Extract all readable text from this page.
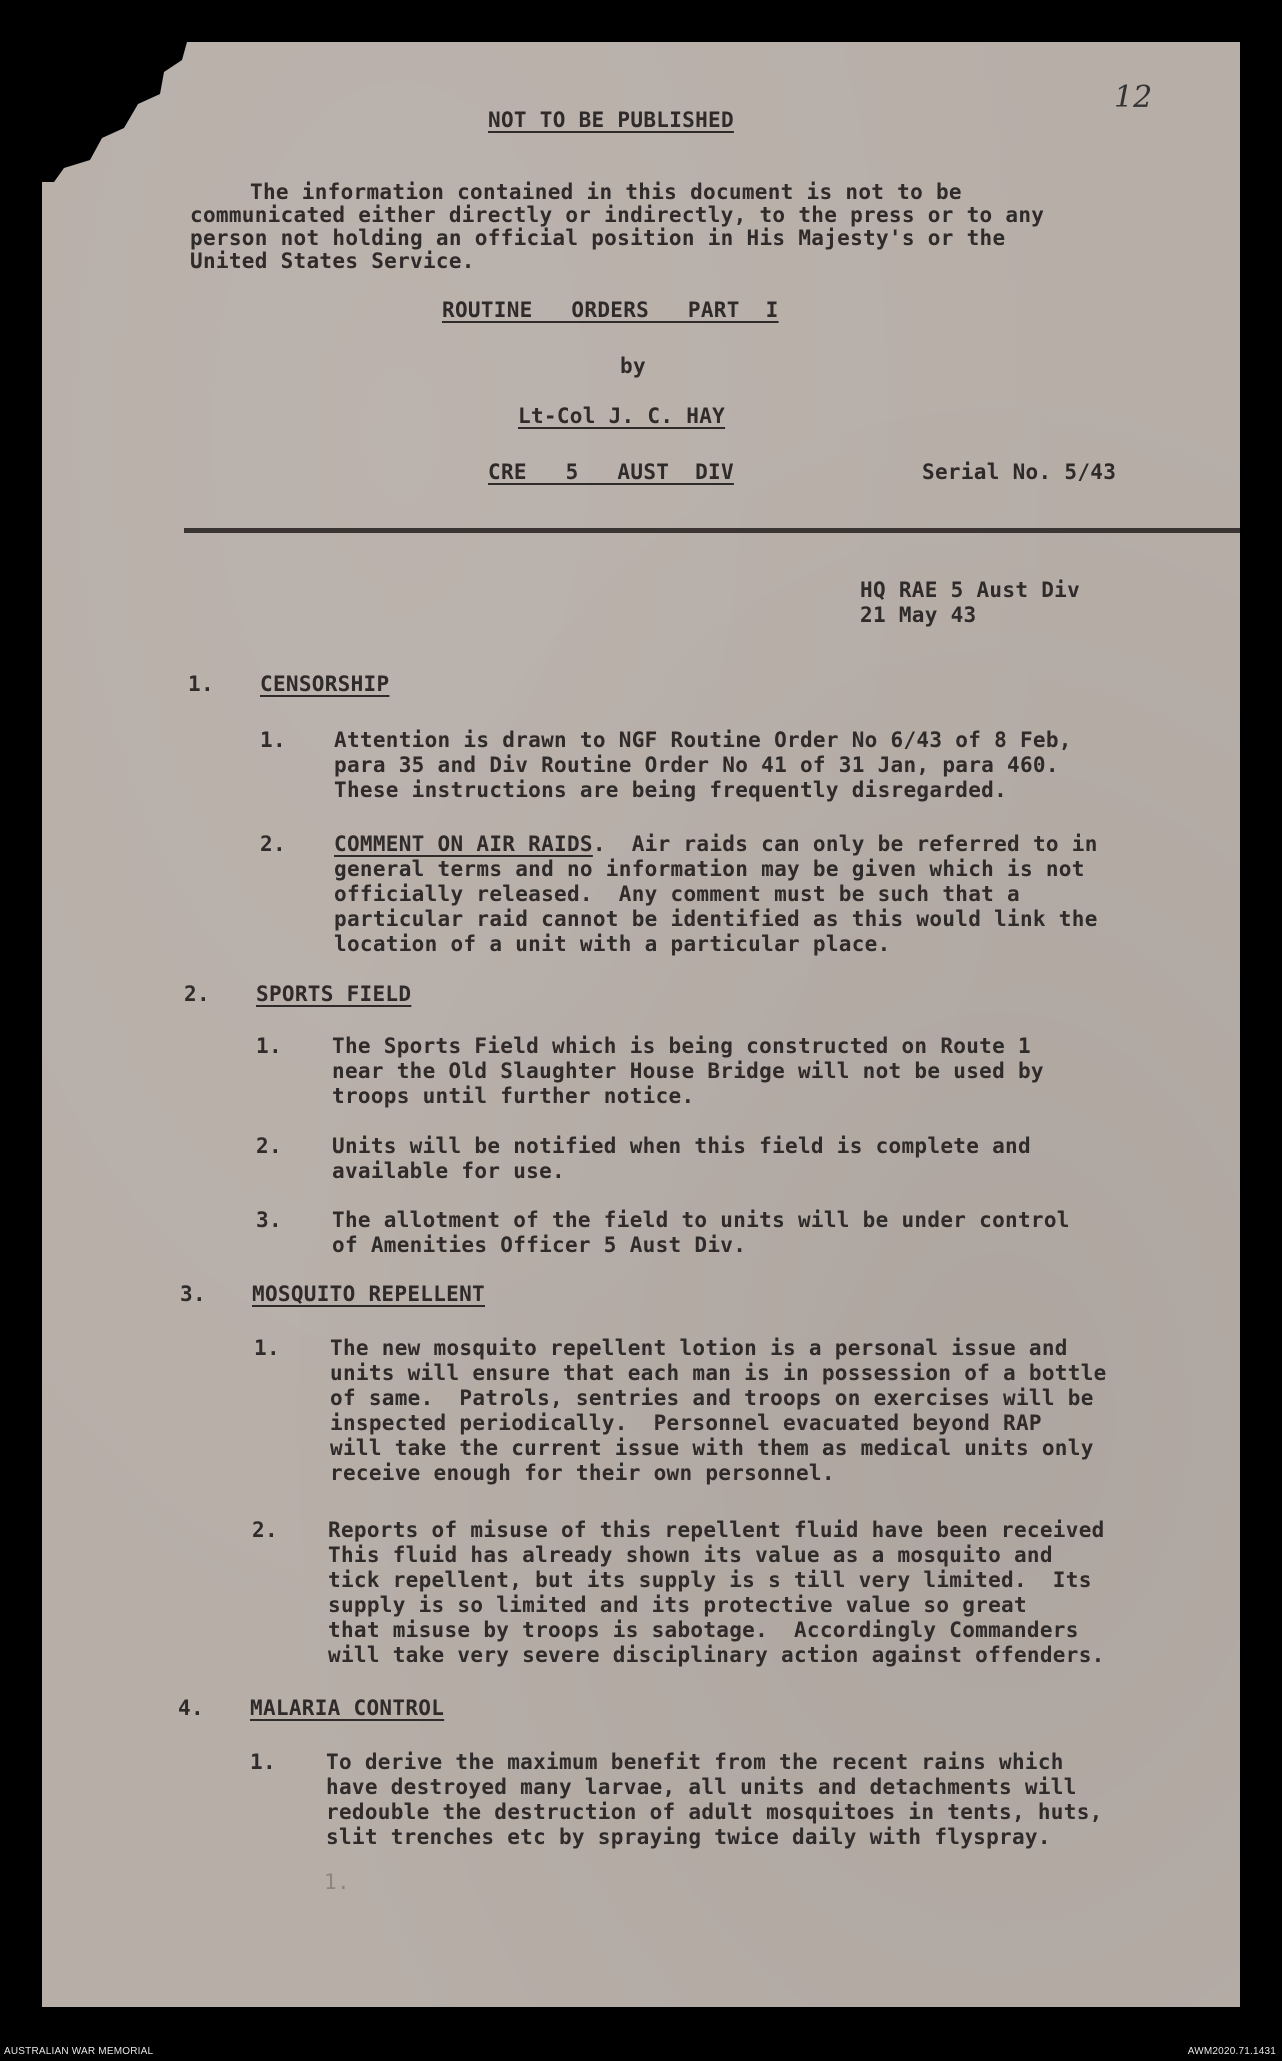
12
NOT TO BE PUBLISHED
The information contained in this document is not to be
communicated either directly or indirectly, to the press or to any
person not holding an official position in His Majesty's or the
United States Service.
ROUTINE   ORDERS   PART  I
by
Lt-Col J. C. HAY
CRE   5   AUST  DIV	Serial No. 5/43
HQ RAE 5 Aust Div
21 May 43
1. CENSORSHIP
1. Attention is drawn to NGF Routine Order No 6/43 of 8 Feb,
para 35 and Div Routine Order No 41 of 31 Jan, para 460.
These instructions are being frequently disregarded.
2. COMMENT ON AIR RAIDS.  Air raids can only be referred to in
general terms and no information may be given which is not
officially released.  Any comment must be such that a
particular raid cannot be identified as this would link the
location of a unit with a particular place.
2. SPORTS FIELD
1. The Sports Field which is being constructed on Route 1
near the Old Slaughter House Bridge will not be used by
troops until further notice.
2. Units will be notified when this field is complete and
available for use.
3. The allotment of the field to units will be under control
of Amenities Officer 5 Aust Div.
3. MOSQUITO REPELLENT
1. The new mosquito repellent lotion is a personal issue and
units will ensure that each man is in possession of a bottle
of same.  Patrols, sentries and troops on exercises will be
inspected periodically.  Personnel evacuated beyond RAP
will take the current issue with them as medical units only
receive enough for their own personnel.
2. Reports of misuse of this repellent fluid have been received
This fluid has already shown its value as a mosquito and
tick repellent, but its supply is s till very limited.  Its
supply is so limited and its protective value so great
that misuse by troops is sabotage.  Accordingly Commanders
will take very severe disciplinary action against offenders.
4. MALARIA CONTROL
1. To derive the maximum benefit from the recent rains which
have destroyed many larvae, all units and detachments will
redouble the destruction of adult mosquitoes in tents, huts,
slit trenches etc by spraying twice daily with flyspray.
1.
AUSTRALIAN WAR MEMORIAL	AWM2020.71.1431
